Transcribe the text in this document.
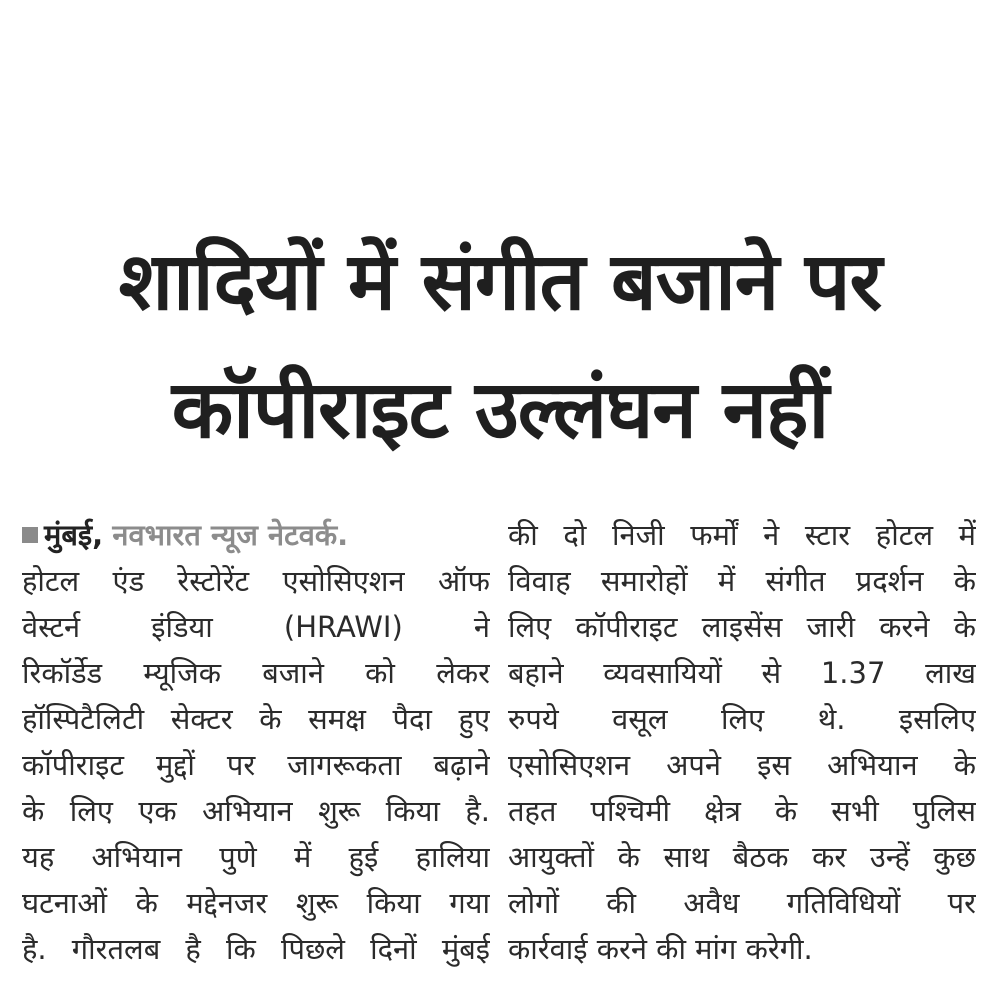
शादियों में संगीत बजाने पर
कॉपीराइट उल्लंघन नहीं
मुंबई, नवभारत न्यूज नेटवर्क.
होटल एंड रेस्टोरेंट एसोसिएशन ऑफ
वेस्टर्न इंडिया (HRAWI) ने
रिकॉर्डेड म्यूजिक बजाने को लेकर
हॉस्पिटैलिटी सेक्टर के समक्ष पैदा हुए
कॉपीराइट मुद्दों पर जागरूकता बढ़ाने
के लिए एक अभियान शुरू किया है.
यह अभियान पुणे में हुई हालिया
घटनाओं के मद्देनजर शुरू किया गया
है. गौरतलब है कि पिछले दिनों मुंबई
की दो निजी फर्मों ने स्टार होटल में
विवाह समारोहों में संगीत प्रदर्शन के
लिए कॉपीराइट लाइसेंस जारी करने के
बहाने व्यवसायियों से 1.37 लाख
रुपये वसूल लिए थे. इसलिए
एसोसिएशन अपने इस अभियान के
तहत पश्चिमी क्षेत्र के सभी पुलिस
आयुक्तों के साथ बैठक कर उन्हें कुछ
लोगों की अवैध गतिविधियों पर
कार्रवाई करने की मांग करेगी.
